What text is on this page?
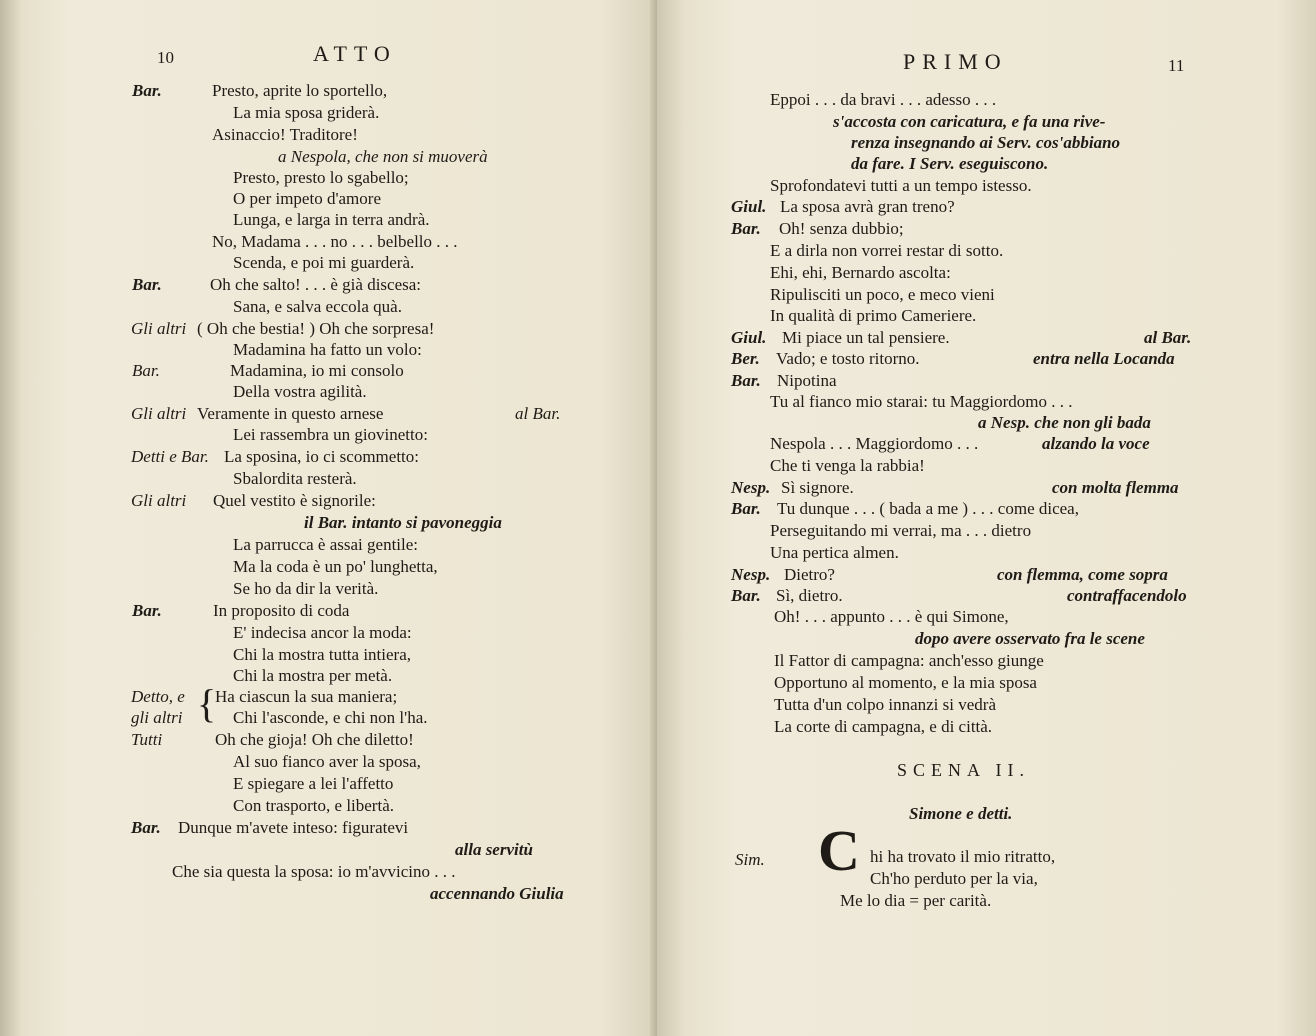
10	ATTO
Bar.	Presto, aprite lo sportello,
La mia sposa griderà.
Asinaccio! Traditore!
a Nespola, che non si muoverà
Presto, presto lo sgabello;
O per impeto d'amore
Lunga, e larga in terra andrà.
No, Madama . . . no . . . belbello . . .
Scenda, e poi mi guarderà.
Bar.	Oh che salto! . . . è già discesa:
Sana, e salva eccola quà.
Gli altri ( Oh che bestia! ) Oh che sorpresa!
Madamina ha fatto un volo:
Bar.	Madamina, io mi consolo
Della vostra agilità.
Gli altri Veramente in questo arnese	al Bar.
Lei rassembra un giovinetto:
Detti e Bar. La sposina, io ci scommetto:
Sbalordita resterà.
Gli altri Quel vestito è signorile:
il Bar. intanto si pavoneggia
La parrucca è assai gentile:
Ma la coda è un po' lunghetta,
Se ho da dir la verità.
Bar.	In proposito di coda
E' indecisa ancor la moda:
Chi la mostra tutta intiera,
Chi la mostra per metà.
Detto, e {
Ha ciascun la sua maniera;
gli altri	Chi l'asconde, e chi non l'ha.
Tutti	Oh che gioja! Oh che diletto!
Al suo fianco aver la sposa,
E spiegare a lei l'affetto
Con trasporto, e libertà.
Bar. Dunque m'avete inteso: figuratevi
alla servitù
Che sia questa la sposa: io m'avvicino . . .
accennando Giulia
PRIMO	11
Eppoi . . . da bravi . . . adesso . . .
s'accosta con caricatura, e fa una rive-
renza insegnando ai Serv. cos'abbiano
da fare. I Serv. eseguiscono.
Sprofondatevi tutti a un tempo istesso.
Giul. La sposa avrà gran treno?
Bar. Oh! senza dubbio;
E a dirla non vorrei restar di sotto.
Ehi, ehi, Bernardo ascolta:
Ripulisciti un poco, e meco vieni
In qualità di primo Cameriere.
Giul. Mi piace un tal pensiere.	al Bar.
Ber. Vado; e tosto ritorno.	entra nella Locanda
Bar. Nipotina
Tu al fianco mio starai: tu Maggiordomo . . .
a Nesp. che non gli bada
Nespola . . . Maggiordomo . . .	alzando la voce
Che ti venga la rabbia!
Nesp. Sì signore.	con molta flemma
Bar. Tu dunque . . . ( bada a me ) . . . come dicea,
Perseguitando mi verrai, ma . . . dietro
Una pertica almen.
Nesp. Dietro?	con flemma, come sopra
Bar. Sì, dietro.	contraffacendolo
Oh! . . . appunto . . . è qui Simone,
dopo avere osservato fra le scene
Il Fattor di campagna: anch'esso giunge
Opportuno al momento, e la mia sposa
Tutta d'un colpo innanzi si vedrà
La corte di campagna, e di città.
SCENA II.
Simone e detti.
Sim. C hi ha trovato il mio ritratto,
Ch'ho perduto per la via,
Me lo dia = per carità.
